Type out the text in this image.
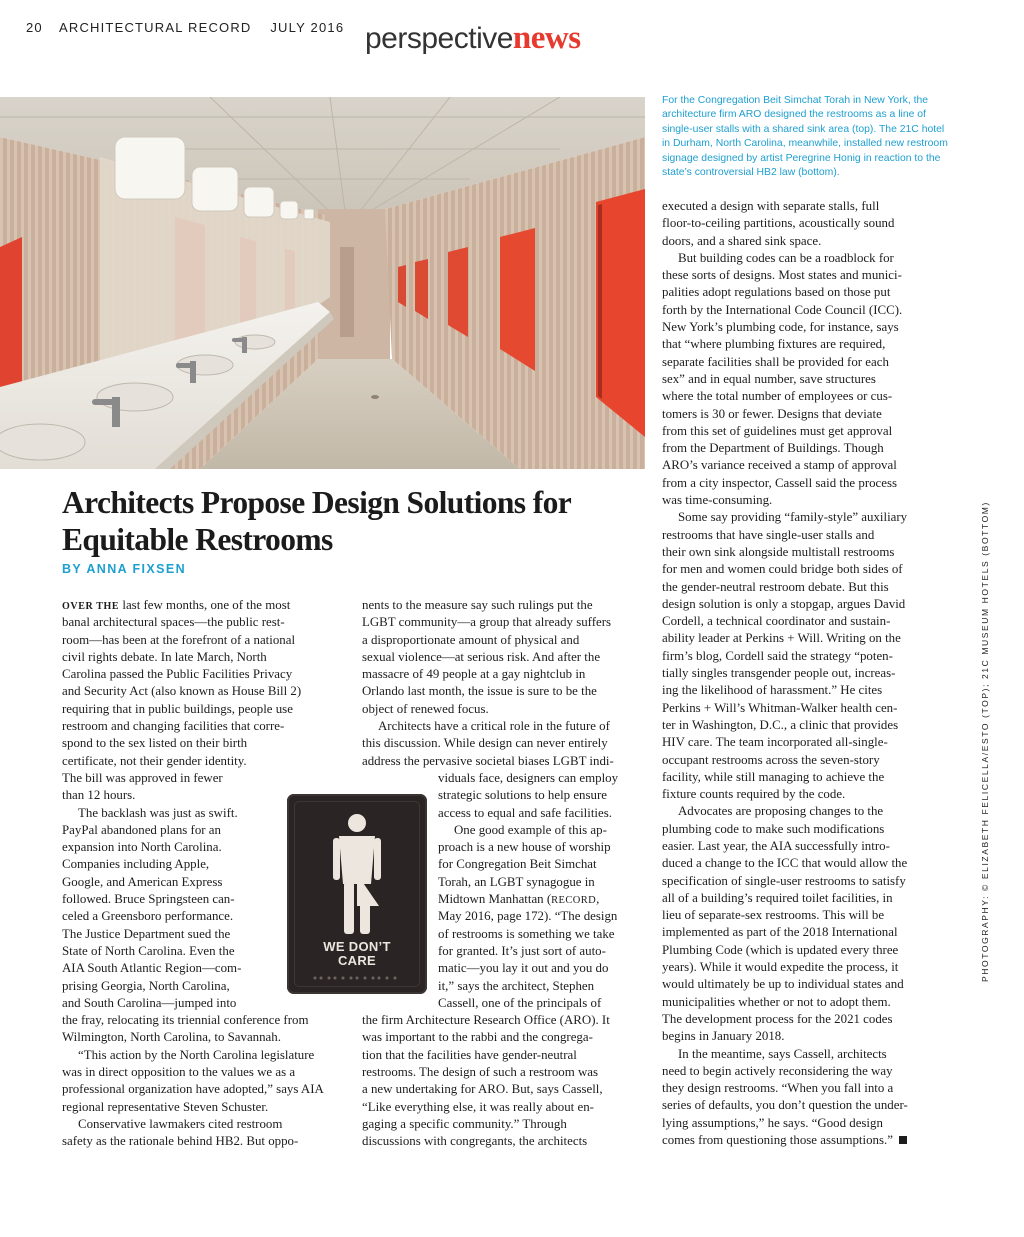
20 ARCHITECTURAL RECORD JULY 2016 perspectivenews
For the Congregation Beit Simchat Torah in New York, the architecture firm ARO designed the restrooms as a line of single-user stalls with a shared sink area (top). The 21C hotel in Durham, North Carolina, meanwhile, installed new restroom signage designed by artist Peregrine Honig in reaction to the state’s controversial HB2 law (bottom).
Architects Propose Design Solutions for Equitable Restrooms
BY ANNA FIXSEN
OVER THE last few months, one of the most
banal architectural spaces—the public rest-
room—has been at the forefront of a national
civil rights debate. In late March, North
Carolina passed the Public Facilities Privacy
and Security Act (also known as House Bill 2)
requiring that in public buildings, people use
restroom and changing facilities that corre-
spond to the sex listed on their birth
certificate, not their gender identity.
The bill was approved in fewer
than 12 hours.
The backlash was just as swift.
PayPal abandoned plans for an
expansion into North Carolina.
Companies including Apple,
Google, and American Express
followed. Bruce Springsteen can-
celed a Greensboro performance.
The Justice Department sued the
State of North Carolina. Even the
AIA South Atlantic Region—com-
prising Georgia, North Carolina,
and South Carolina—jumped into
the fray, relocating its triennial conference from
Wilmington, North Carolina, to Savannah.
“This action by the North Carolina legislature
was in direct opposition to the values we as a
professional organization have adopted,” says AIA
regional representative Steven Schuster.
Conservative lawmakers cited restroom
safety as the rationale behind HB2. But oppo-
nents to the measure say such rulings put the
LGBT community—a group that already suffers
a disproportionate amount of physical and
sexual violence—at serious risk. And after the
massacre of 49 people at a gay nightclub in
Orlando last month, the issue is sure to be the
object of renewed focus.
Architects have a critical role in the future of
this discussion. While design can never entirely
address the pervasive societal biases LGBT indi-
viduals face, designers can employ
strategic solutions to help ensure
access to equal and safe facilities.
One good example of this ap-
proach is a new house of worship
for Congregation Beit Simchat
Torah, an LGBT synagogue in
Midtown Manhattan (RECORD,
May 2016, page 172). “The design
of restrooms is something we take
for granted. It’s just sort of auto-
matic—you lay it out and you do
it,” says the architect, Stephen
Cassell, one of the principals of
the firm Architecture Research Office (ARO). It
was important to the rabbi and the congrega-
tion that the facilities have gender-neutral
restrooms. The design of such a restroom was
a new undertaking for ARO. But, says Cassell,
“Like everything else, it was really about en-
gaging a specific community.” Through
discussions with congregants, the architects
executed a design with separate stalls, full
floor-to-ceiling partitions, acoustically sound
doors, and a shared sink space.
But building codes can be a roadblock for
these sorts of designs. Most states and munici-
palities adopt regulations based on those put
forth by the International Code Council (ICC).
New York’s plumbing code, for instance, says
that “where plumbing fixtures are required,
separate facilities shall be provided for each
sex” and in equal number, save structures
where the total number of employees or cus-
tomers is 30 or fewer. Designs that deviate
from this set of guidelines must get approval
from the Department of Buildings. Though
ARO’s variance received a stamp of approval
from a city inspector, Cassell said the process
was time-consuming.
Some say providing “family-style” auxiliary
restrooms that have single-user stalls and
their own sink alongside multistall restrooms
for men and women could bridge both sides of
the gender-neutral restroom debate. But this
design solution is only a stopgap, argues David
Cordell, a technical coordinator and sustain-
ability leader at Perkins + Will. Writing on the
firm’s blog, Cordell said the strategy “poten-
tially singles transgender people out, increas-
ing the likelihood of harassment.” He cites
Perkins + Will’s Whitman-Walker health cen-
ter in Washington, D.C., a clinic that provides
HIV care. The team incorporated all-single-
occupant restrooms across the seven-story
facility, while still managing to achieve the
fixture counts required by the code.
Advocates are proposing changes to the
plumbing code to make such modifications
easier. Last year, the AIA successfully intro-
duced a change to the ICC that would allow the
specification of single-user restrooms to satisfy
all of a building’s required toilet facilities, in
lieu of separate-sex restrooms. This will be
implemented as part of the 2018 International
Plumbing Code (which is updated every three
years). While it would expedite the process, it
would ultimately be up to individual states and
municipalities whether or not to adopt them.
The development process for the 2021 codes
begins in January 2018.
In the meantime, says Cassell, architects
need to begin actively reconsidering the way
they design restrooms. “When you fall into a
series of defaults, you don’t question the under-
lying assumptions,” he says. “Good design
comes from questioning those assumptions.”
WE DON’T
CARE	PHOTOGRAPHY: © ELIZABETH FELICELLA/ESTO (TOP); 21C MUSEUM HOTELS (BOTTOM)
